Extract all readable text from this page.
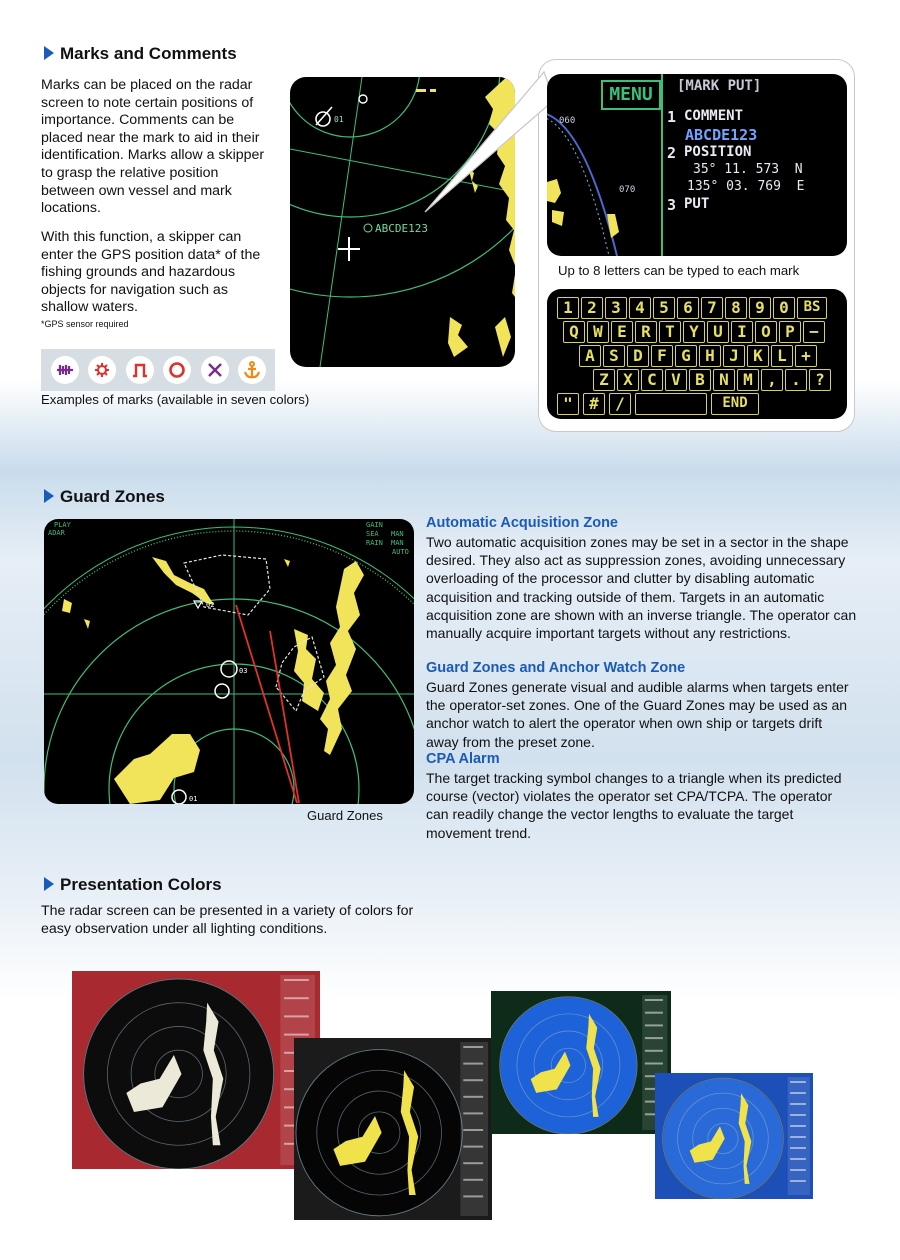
Marks and Comments
Marks can be placed on the radar screen to note certain positions of importance. Comments can be placed near the mark to aid in their identification. Marks allow a skipper to grasp the relative position between own vessel and mark locations.
With this function, a skipper can enter the GPS position data* of the fishing grounds and hazardous objects for navigation such as shallow waters.
*GPS sensor required
Examples of marks (available in seven colors)
01
ABCDE123
MENU
060
070
[MARK PUT]
1 COMMENT
ABCDE123
2 POSITION
35° 11. 573  N
135° 03. 769  E
3 PUT
Up to 8 letters can be typed to each mark
1 2 3 4 5 6 7 8 9 0	BS
Q W E R T Y U I O P −
A S D F G H J K L +
Z X C V B N M , . ?
"	#	/	END
Guard Zones
PLAY
ADAR
GAIN
SEA MAN
RAIN MAN
AUTO
02
03
01
Guard Zones
Automatic Acquisition Zone
Two automatic acquisition zones may be set in a sector in the shape desired. They also act as suppression zones, avoiding unnecessary overloading of the processor and clutter by disabling automatic acquisition and tracking outside of them. Targets in an automatic acquisition zone are shown with an inverse triangle. The operator can manually acquire important targets without any restrictions.
Guard Zones and Anchor Watch Zone
Guard Zones generate visual and audible alarms when targets enter the operator-set zones. One of the Guard Zones may be used as an anchor watch to alert the operator when own ship or targets drift away from the preset zone.
CPA Alarm
The target tracking symbol changes to a triangle when its predicted course (vector) violates the operator set CPA/TCPA. The operator can readily change the vector lengths to evaluate the target movement trend.
Presentation Colors
The radar screen can be presented in a variety of colors for easy observation under all lighting conditions.
